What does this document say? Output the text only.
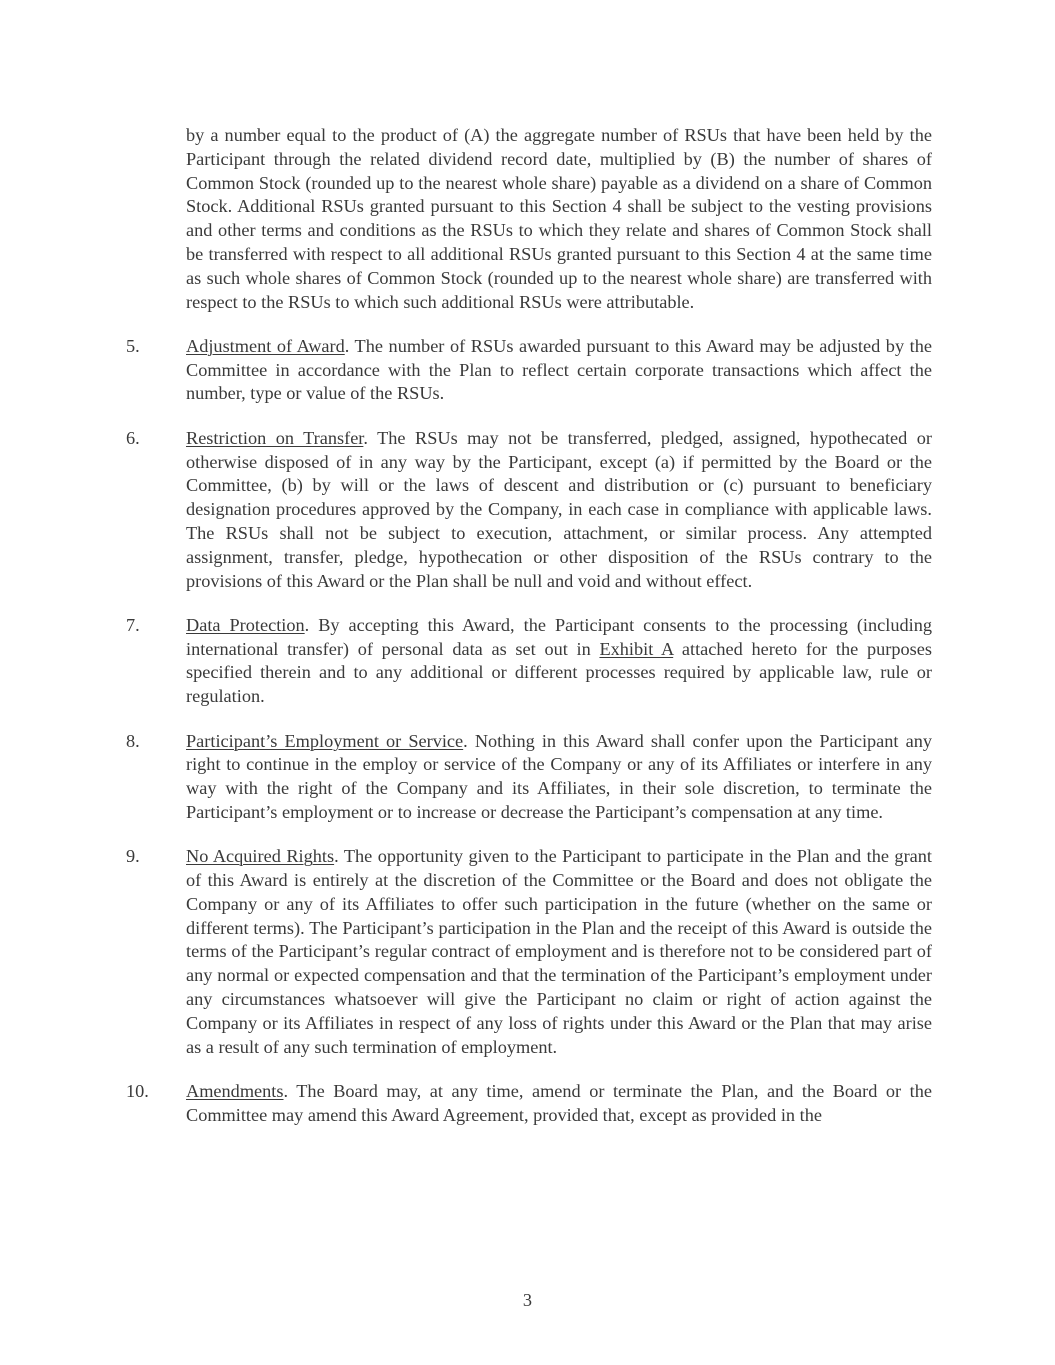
by a number equal to the product of (A) the aggregate number of RSUs that have been held by the Participant through the related dividend record date, multiplied by (B) the number of shares of Common Stock (rounded up to the nearest whole share) payable as a dividend on a share of Common Stock. Additional RSUs granted pursuant to this Section 4 shall be subject to the vesting provisions and other terms and conditions as the RSUs to which they relate and shares of Common Stock shall be transferred with respect to all additional RSUs granted pursuant to this Section 4 at the same time as such whole shares of Common Stock (rounded up to the nearest whole share) are transferred with respect to the RSUs to which such additional RSUs were attributable.

5.	Adjustment of Award. The number of RSUs awarded pursuant to this Award may be adjusted by the Committee in accordance with the Plan to reflect certain corporate transactions which affect the number, type or value of the RSUs.

6.	Restriction on Transfer. The RSUs may not be transferred, pledged, assigned, hypothecated or otherwise disposed of in any way by the Participant, except (a) if permitted by the Board or the Committee, (b) by will or the laws of descent and distribution or (c) pursuant to beneficiary designation procedures approved by the Company, in each case in compliance with applicable laws. The RSUs shall not be subject to execution, attachment, or similar process. Any attempted assignment, transfer, pledge, hypothecation or other disposition of the RSUs contrary to the provisions of this Award or the Plan shall be null and void and without effect.

7.	Data Protection. By accepting this Award, the Participant consents to the processing (including international transfer) of personal data as set out in Exhibit A attached hereto for the purposes specified therein and to any additional or different processes required by applicable law, rule or regulation.

8.	Participant’s Employment or Service. Nothing in this Award shall confer upon the Participant any right to continue in the employ or service of the Company or any of its Affiliates or interfere in any way with the right of the Company and its Affiliates, in their sole discretion, to terminate the Participant’s employment or to increase or decrease the Participant’s compensation at any time.

9.	No Acquired Rights. The opportunity given to the Participant to participate in the Plan and the grant of this Award is entirely at the discretion of the Committee or the Board and does not obligate the Company or any of its Affiliates to offer such participation in the future (whether on the same or different terms). The Participant’s participation in the Plan and the receipt of this Award is outside the terms of the Participant’s regular contract of employment and is therefore not to be considered part of any normal or expected compensation and that the termination of the Participant’s employment under any circumstances whatsoever will give the Participant no claim or right of action against the Company or its Affiliates in respect of any loss of rights under this Award or the Plan that may arise as a result of any such termination of employment.

10.	Amendments. The Board may, at any time, amend or terminate the Plan, and the Board or the Committee may amend this Award Agreement, provided that, except as provided in the

3
